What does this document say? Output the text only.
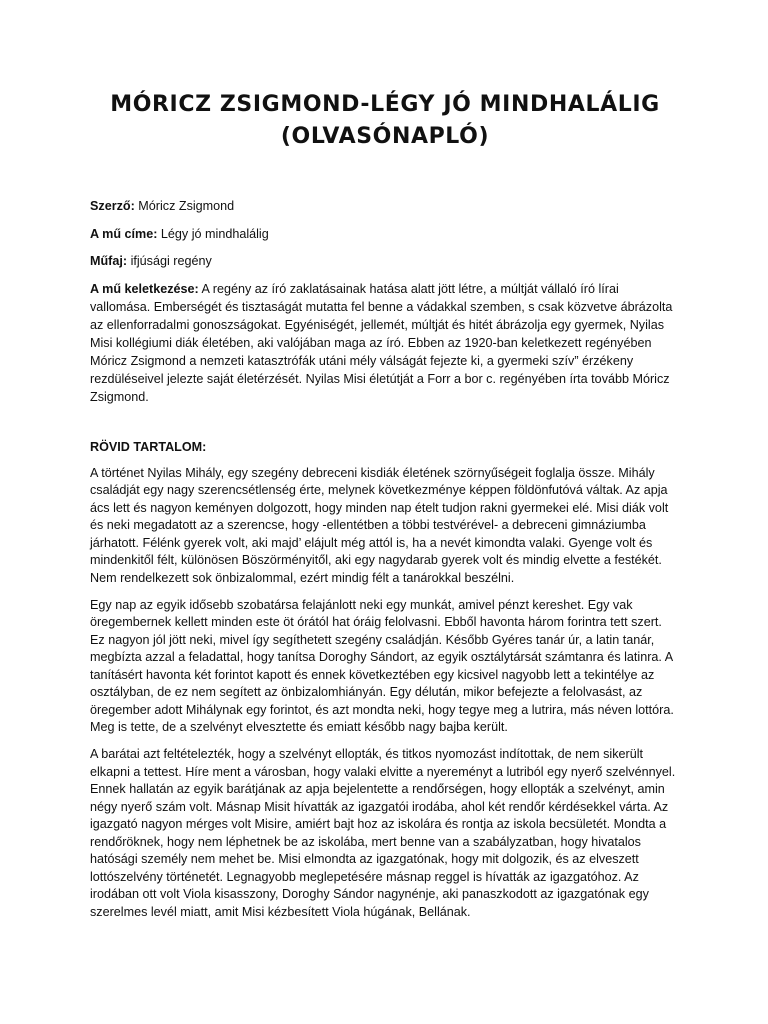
MÓRICZ ZSIGMOND-LÉGY JÓ MINDHALÁLIG
(OLVASÓNAPLÓ)

Szerző: Móricz Zsigmond

A mű címe: Légy jó mindhalálig

Műfaj: ifjúsági regény

A mű keletkezése: A regény az író zaklatásainak hatása alatt jött létre, a múltját vállaló író lírai vallomása. Emberségét és tisztaságát mutatta fel benne a vádakkal szemben, s csak közvetve ábrázolta az ellenforradalmi gonoszságokat. Egyéniségét, jellemét, múltját és hitét ábrázolja egy gyermek, Nyilas Misi kollégiumi diák életében, aki valójában maga az író. Ebben az 1920-ban keletkezett regényében Móricz Zsigmond a nemzeti katasztrófák utáni mély válságát fejezte ki, a gyermeki szív” érzékeny rezdüléseivel jelezte saját életérzését. Nyilas Misi életútját a Forr a bor c. regényében írta tovább Móricz Zsigmond.

RÖVID TARTALOM:

A történet Nyilas Mihály, egy szegény debreceni kisdiák életének szörnyűségeit foglalja össze. Mihály családját egy nagy szerencsétlenség érte, melynek következménye képpen földönfutóvá váltak. Az apja ács lett és nagyon keményen dolgozott, hogy minden nap ételt tudjon rakni gyermekei elé. Misi diák volt és neki megadatott az a szerencse, hogy -ellentétben a többi testvérével- a debreceni gimnáziumba járhatott. Félénk gyerek volt, aki majd’ elájult még attól is, ha a nevét kimondta valaki. Gyenge volt és mindenkitől félt, különösen Böszörményitől, aki egy nagydarab gyerek volt és mindig elvette a festékét. Nem rendelkezett sok önbizalommal, ezért mindig félt a tanárokkal beszélni.

Egy nap az egyik idősebb szobatársa felajánlott neki egy munkát, amivel pénzt kereshet. Egy vak öregembernek kellett minden este öt órától hat óráig felolvasni. Ebből havonta három forintra tett szert. Ez nagyon jól jött neki, mivel így segíthetett szegény családján. Később Gyéres tanár úr, a latin tanár, megbízta azzal a feladattal, hogy tanítsa Doroghy Sándort, az egyik osztálytársát számtanra és latinra. A tanításért havonta két forintot kapott és ennek következtében egy kicsivel nagyobb lett a tekintélye az osztályban, de ez nem segített az önbizalomhiányán. Egy délután, mikor befejezte a felolvasást, az öregember adott Mihálynak egy forintot, és azt mondta neki, hogy tegye meg a lutrira, más néven lottóra. Meg is tette, de a szelvényt elvesztette és emiatt később nagy bajba került.

A barátai azt feltételezték, hogy a szelvényt ellopták, és titkos nyomozást indítottak, de nem sikerült elkapni a tettest. Híre ment a városban, hogy valaki elvitte a nyereményt a lutriból egy nyerő szelvénnyel. Ennek hallatán az egyik barátjának az apja bejelentette a rendőrségen, hogy ellopták a szelvényt, amin négy nyerő szám volt. Másnap Misit hívatták az igazgatói irodába, ahol két rendőr kérdésekkel várta. Az igazgató nagyon mérges volt Misire, amiért bajt hoz az iskolára és rontja az iskola becsületét. Mondta a rendőröknek, hogy nem léphetnek be az iskolába, mert benne van a szabályzatban, hogy hivatalos hatósági személy nem mehet be. Misi elmondta az igazgatónak, hogy mit dolgozik, és az elveszett lottószelvény történetét. Legnagyobb meglepetésére másnap reggel is hívatták az igazgatóhoz. Az irodában ott volt Viola kisasszony, Doroghy Sándor nagynénje, aki panaszkodott az igazgatónak egy szerelmes levél miatt, amit Misi kézbesített Viola húgának, Bellának.
